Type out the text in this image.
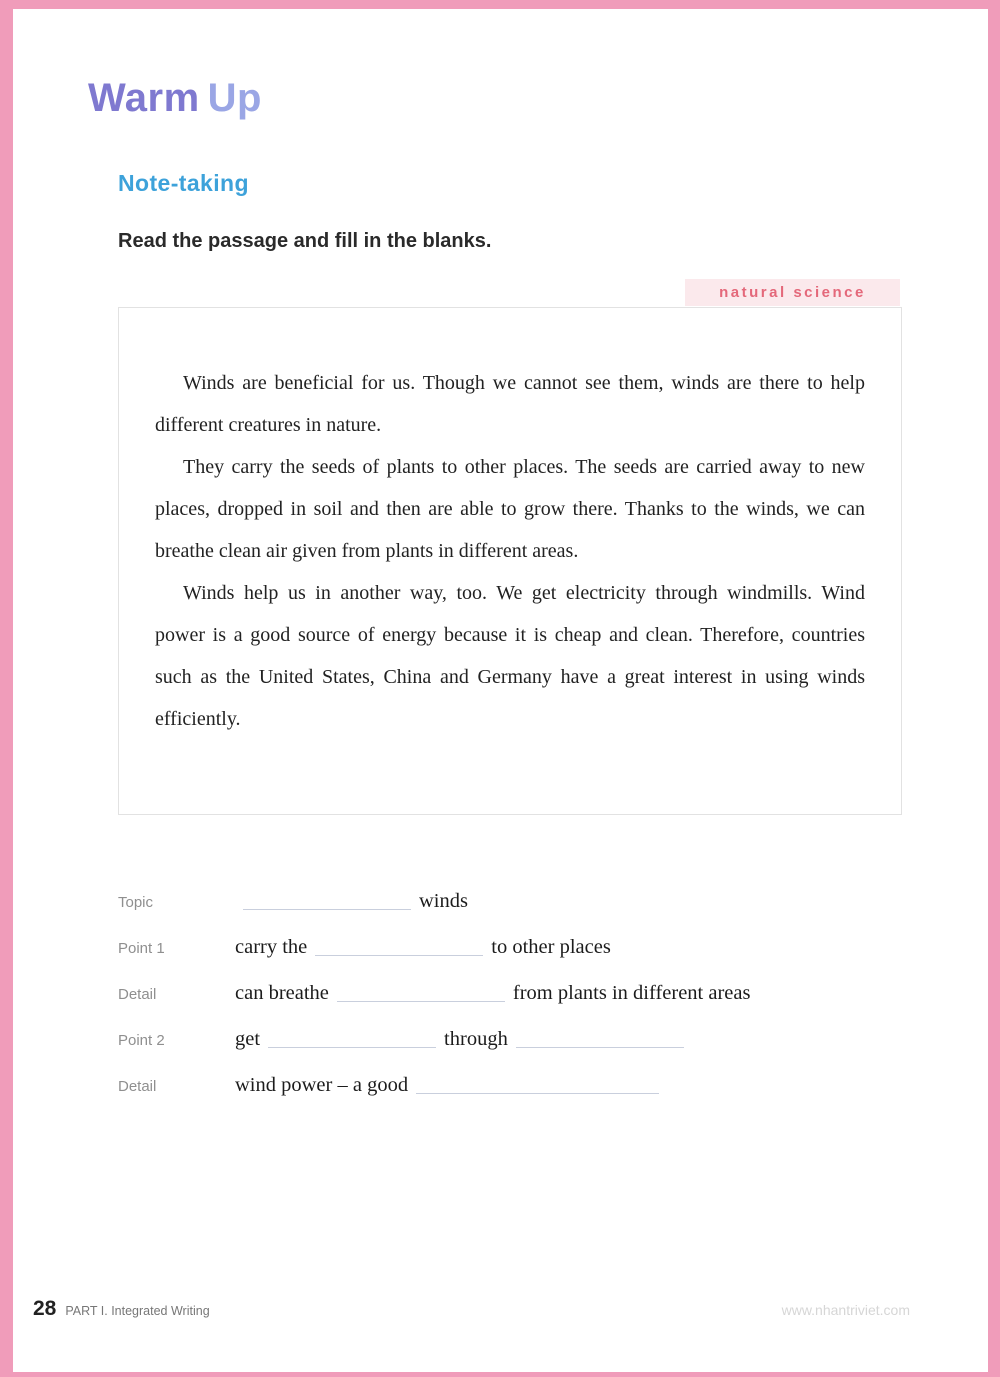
Warm Up
Note-taking

Read the passage and fill in the blanks.

natural science

Winds are beneficial for us. Though we cannot see them, winds are there to help different creatures in nature.

They carry the seeds of plants to other places. The seeds are carried away to new places, dropped in soil and then are able to grow there. Thanks to the winds, we can breathe clean air given from plants in different areas.

Winds help us in another way, too. We get electricity through windmills. Wind power is a good source of energy because it is cheap and clean. Therefore, countries such as the United States, China and Germany have a great interest in using winds efficiently.

Topic	winds
Point 1	carry the	to other places
Detail	can breathe	from plants in different areas
Point 2	get	through
Detail	wind power – a good
28 PART I. Integrated Writing	www.nhantriviet.com
